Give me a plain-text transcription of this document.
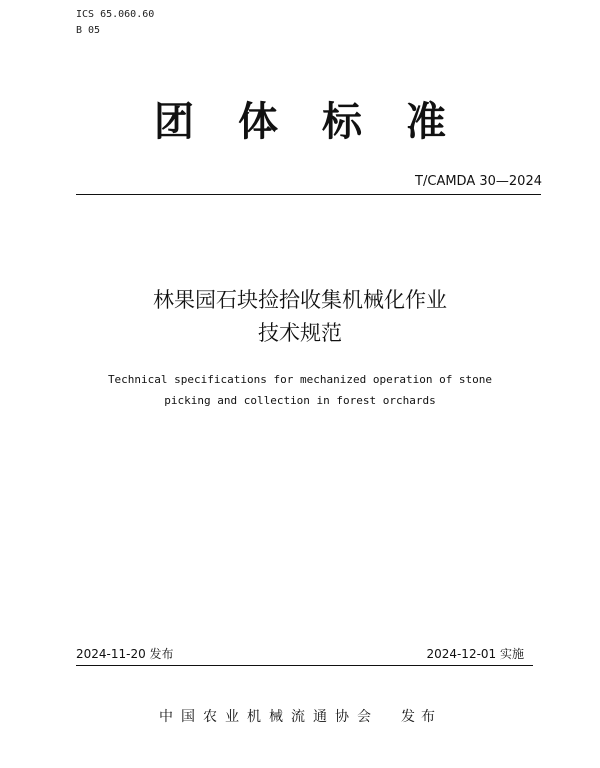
ICS 65.060.60
B 05
团 体 标 准
T/CAMDA 30—2024
林果园石块捡拾收集机械化作业
技术规范
Technical specifications for mechanized operation of stone
picking and collection in forest orchards
2024-11-20 发布	2024-12-01 实施
中国农业机械流通协会 发布
